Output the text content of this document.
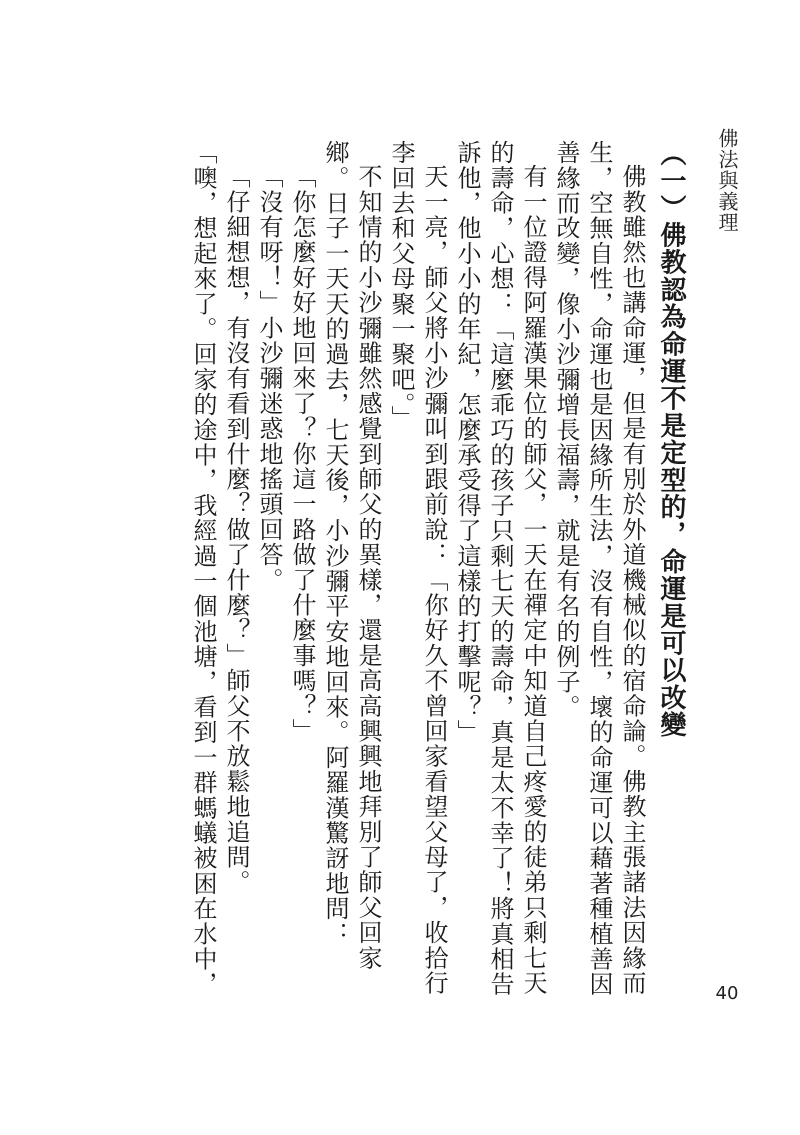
佛法與義理
40

（一）佛教認為命運不是定型的，命運是可以改變

佛教雖然也講命運，但是有別於外道機械似的宿命論。佛教主張諸法因緣而生，空無自性，命運也是因緣所生法，沒有自性，壞的命運可以藉著種植善因善緣而改變，像小沙彌增長福壽，就是有名的例子。

有一位證得阿羅漢果位的師父，一天在禪定中知道自己疼愛的徒弟只剩七天的壽命，心想：「這麼乖巧的孩子只剩七天的壽命，真是太不幸了！將真相告訴他，他小小的年紀，怎麼承受得了這樣的打擊呢？」

天一亮，師父將小沙彌叫到跟前說：「你好久不曾回家看望父母了，收拾行李回去和父母聚一聚吧。」

不知情的小沙彌雖然感覺到師父的異樣，還是高高興興地拜別了師父回家鄉。日子一天天的過去，七天後，小沙彌平安地回來。阿羅漢驚訝地問：

「你怎麼好好地回來了？你這一路做了什麼事嗎？」

「沒有呀！」小沙彌迷惑地搖頭回答。

「仔細想想，有沒有看到什麼？做了什麼？」師父不放鬆地追問。

「噢，想起來了。回家的途中，我經過一個池塘，看到一群螞蟻被困在水中，
